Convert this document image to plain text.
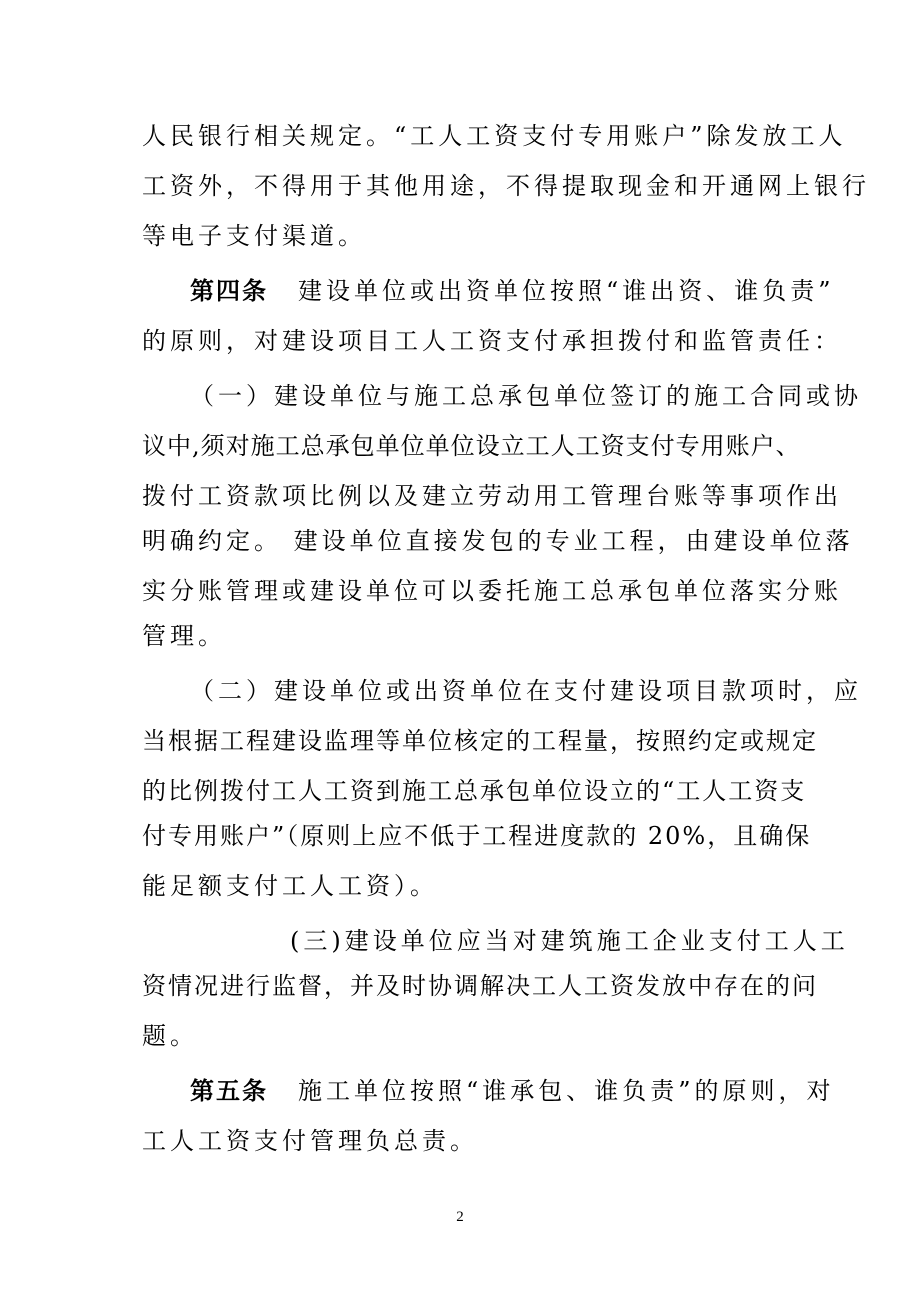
人民银行相关规定。“工人工资支付专用账户”除发放工人
工资外，不得用于其他用途，不得提取现金和开通网上银行
等电子支付渠道。
第四条 建设单位或出资单位按照“谁出资、谁负责”
的原则，对建设项目工人工资支付承担拨付和监管责任：
（一）建设单位与施工总承包单位签订的施工合同或协
议中,须对施工总承包单位单位设立工人工资支付专用账户、
拨付工资款项比例以及建立劳动用工管理台账等事项作出
明确约定。 建设单位直接发包的专业工程，由建设单位落
实分账管理或建设单位可以委托施工总承包单位落实分账
管理。
（二）建设单位或出资单位在支付建设项目款项时，应
当根据工程建设监理等单位核定的工程量，按照约定或规定
的比例拨付工人工资到施工总承包单位设立的“工人工资支
付专用账户”（原则上应不低于工程进度款的 20%，且确保
能足额支付工人工资）。
(三)建设单位应当对建筑施工企业支付工人工
资情况进行监督，并及时协调解决工人工资发放中存在的问
题。
第五条 施工单位按照“谁承包、谁负责”的原则，对
工人工资支付管理负总责。
2
